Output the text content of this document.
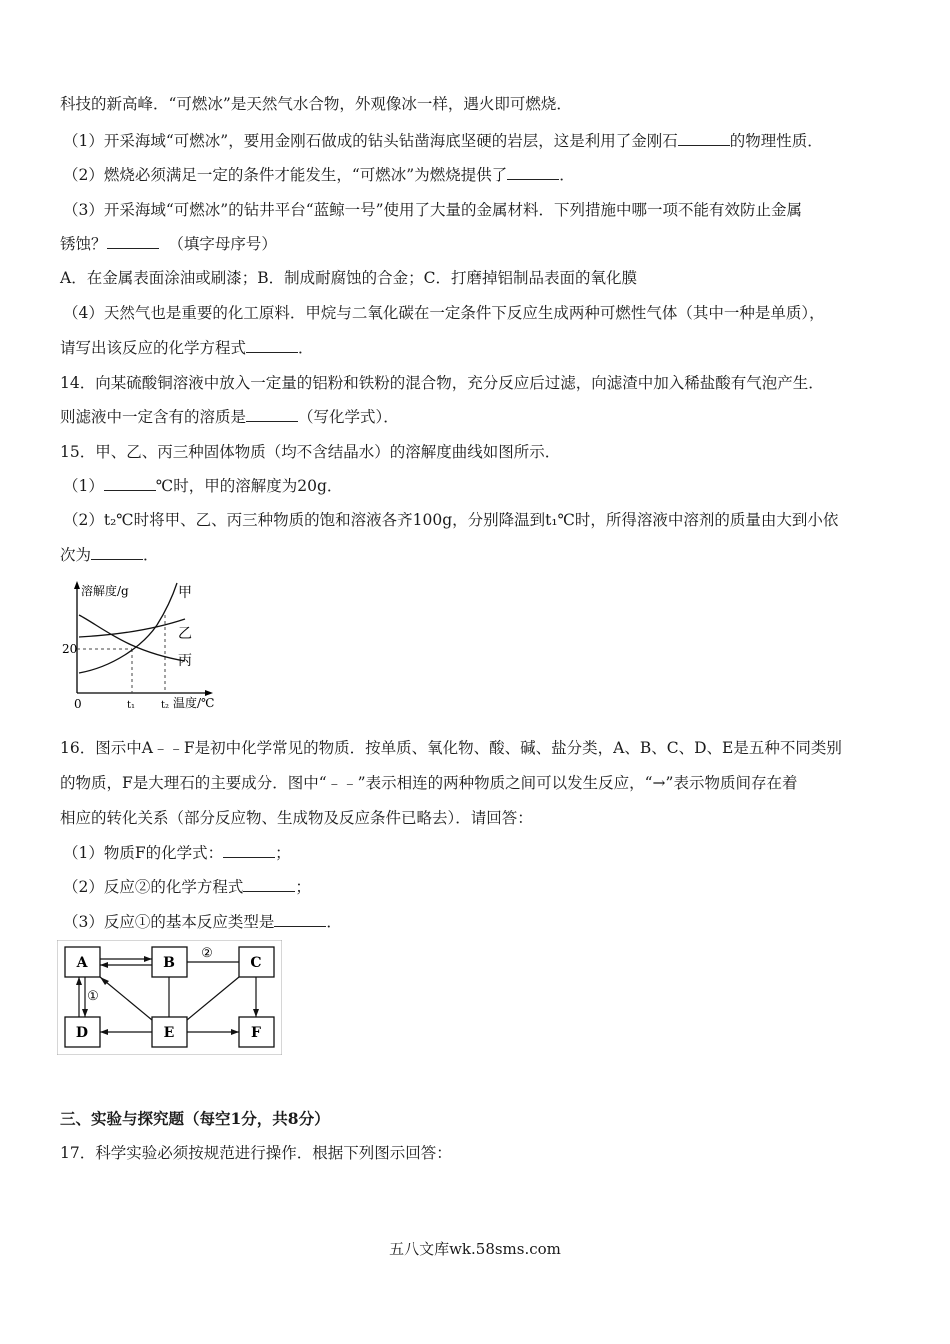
科技的新高峰．“可燃冰”是天然气水合物，外观像冰一样，遇火即可燃烧．
（1）开采海域“可燃冰”，要用金刚石做成的钻头钻凿海底坚硬的岩层，这是利用了金刚石	的物理性质．
（2）燃烧必须满足一定的条件才能发生，“可燃冰”为燃烧提供了	．
（3）开采海域“可燃冰”的钻井平台“蓝鲸一号”使用了大量的金属材料．下列措施中哪一项不能有效防止金属
锈蚀？	（填字母序号）
A．在金属表面涂油或刷漆；B．制成耐腐蚀的合金；C．打磨掉铝制品表面的氧化膜
（4）天然气也是重要的化工原料．甲烷与二氧化碳在一定条件下反应生成两种可燃性气体（其中一种是单质），
请写出该反应的化学方程式	．
14．向某硫酸铜溶液中放入一定量的铝粉和铁粉的混合物，充分反应后过滤，向滤渣中加入稀盐酸有气泡产生．
则滤液中一定含有的溶质是	（写化学式）．
15．甲、乙、丙三种固体物质（均不含结晶水）的溶解度曲线如图所示．
（1）	℃时，甲的溶解度为20g．
（2）t₂℃时将甲、乙、丙三种物质的饱和溶液各齐100g，分别降温到t₁℃时，所得溶液中溶剂的质量由大到小依
次为	．
溶解度/g
温度/℃
20
0	t₁	t₂
甲
乙
丙
16．图示中A﹣﹣F是初中化学常见的物质．按单质、氧化物、酸、碱、盐分类，A、B、C、D、E是五种不同类别
的物质，F是大理石的主要成分．图中“﹣﹣”表示相连的两种物质之间可以发生反应，“→”表示物质间存在着
相应的转化关系（部分反应物、生成物及反应条件已略去）．请回答：
（1）物质F的化学式：	；
（2）反应②的化学方程式	；
（3）反应①的基本反应类型是	．
A	B	C
D	E	F
②
①
三、实验与探究题（每空1分，共8分）
17．科学实验必须按规范进行操作．根据下列图示回答：
五八文库wk.58sms.com
